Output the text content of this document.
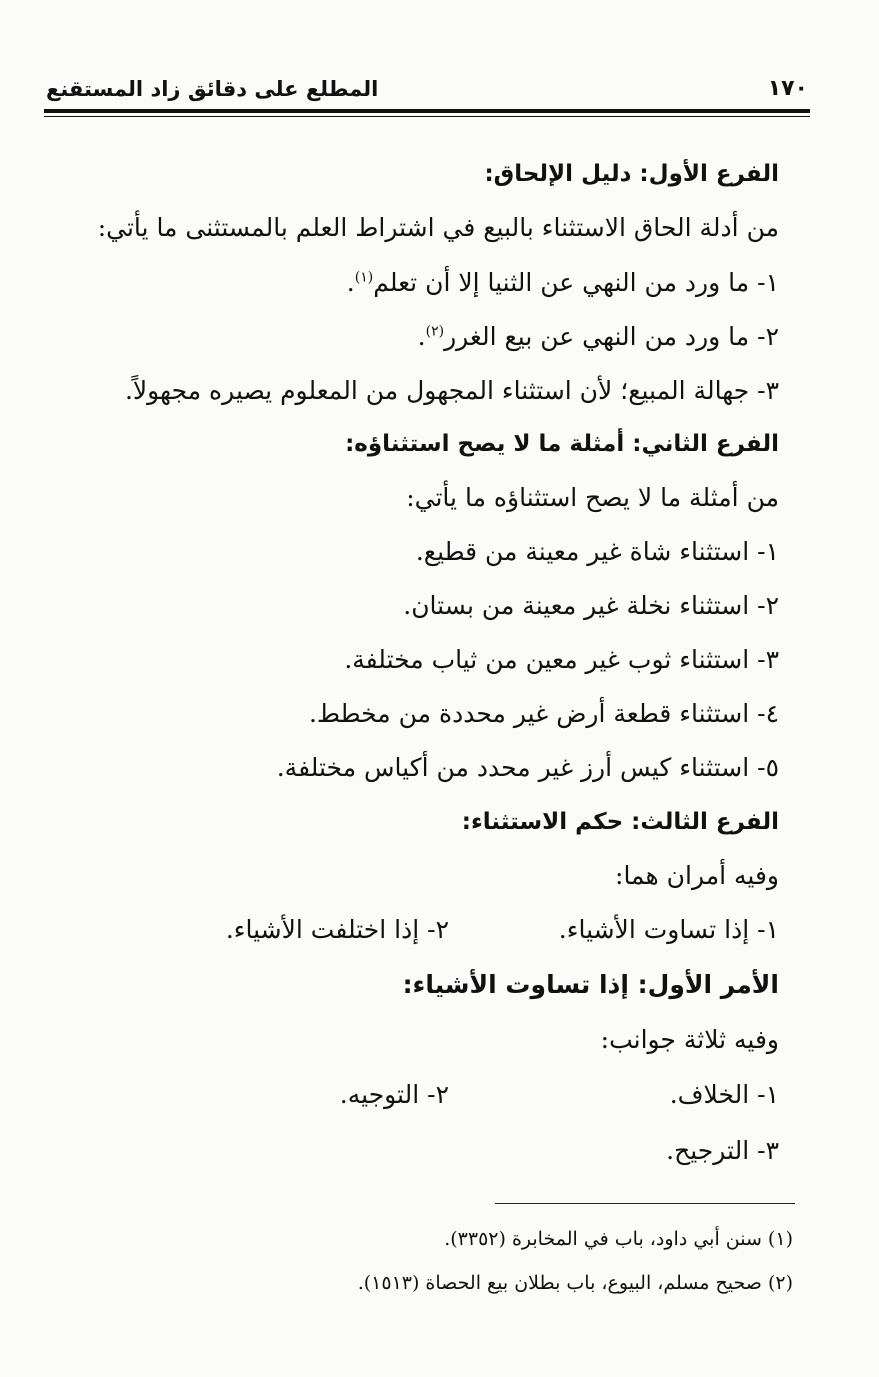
١٧٠
المطلع على دقائق زاد المستقنع
الفرع الأول: دليل الإلحاق:
من أدلة الحاق الاستثناء بالبيع في اشتراط العلم بالمستثنى ما يأتي:
١- ما ورد من النهي عن الثنيا إلا أن تعلم$^{(١)}$.
٢- ما ورد من النهي عن بيع الغرر$^{(٢)}$.
٣- جهالة المبيع؛ لأن استثناء المجهول من المعلوم يصيره مجهولاً.
الفرع الثاني: أمثلة ما لا يصح استثناؤه:
من أمثلة ما لا يصح استثناؤه ما يأتي:
١- استثناء شاة غير معينة من قطيع.
٢- استثناء نخلة غير معينة من بستان.
٣- استثناء ثوب غير معين من ثياب مختلفة.
٤- استثناء قطعة أرض غير محددة من مخطط.
٥- استثناء كيس أرز غير محدد من أكياس مختلفة.
الفرع الثالث: حكم الاستثناء:
وفيه أمران هما:
١- إذا تساوت الأشياء.
٢- إذا اختلفت الأشياء.
الأمر الأول: إذا تساوت الأشياء:
وفيه ثلاثة جوانب:
١- الخلاف.
٢- التوجيه.
٣- الترجيح.
(١) سنن أبي داود، باب في المخابرة (٣٣٥٢).
(٢) صحيح مسلم، البيوع، باب بطلان بيع الحصاة (١٥١٣).
